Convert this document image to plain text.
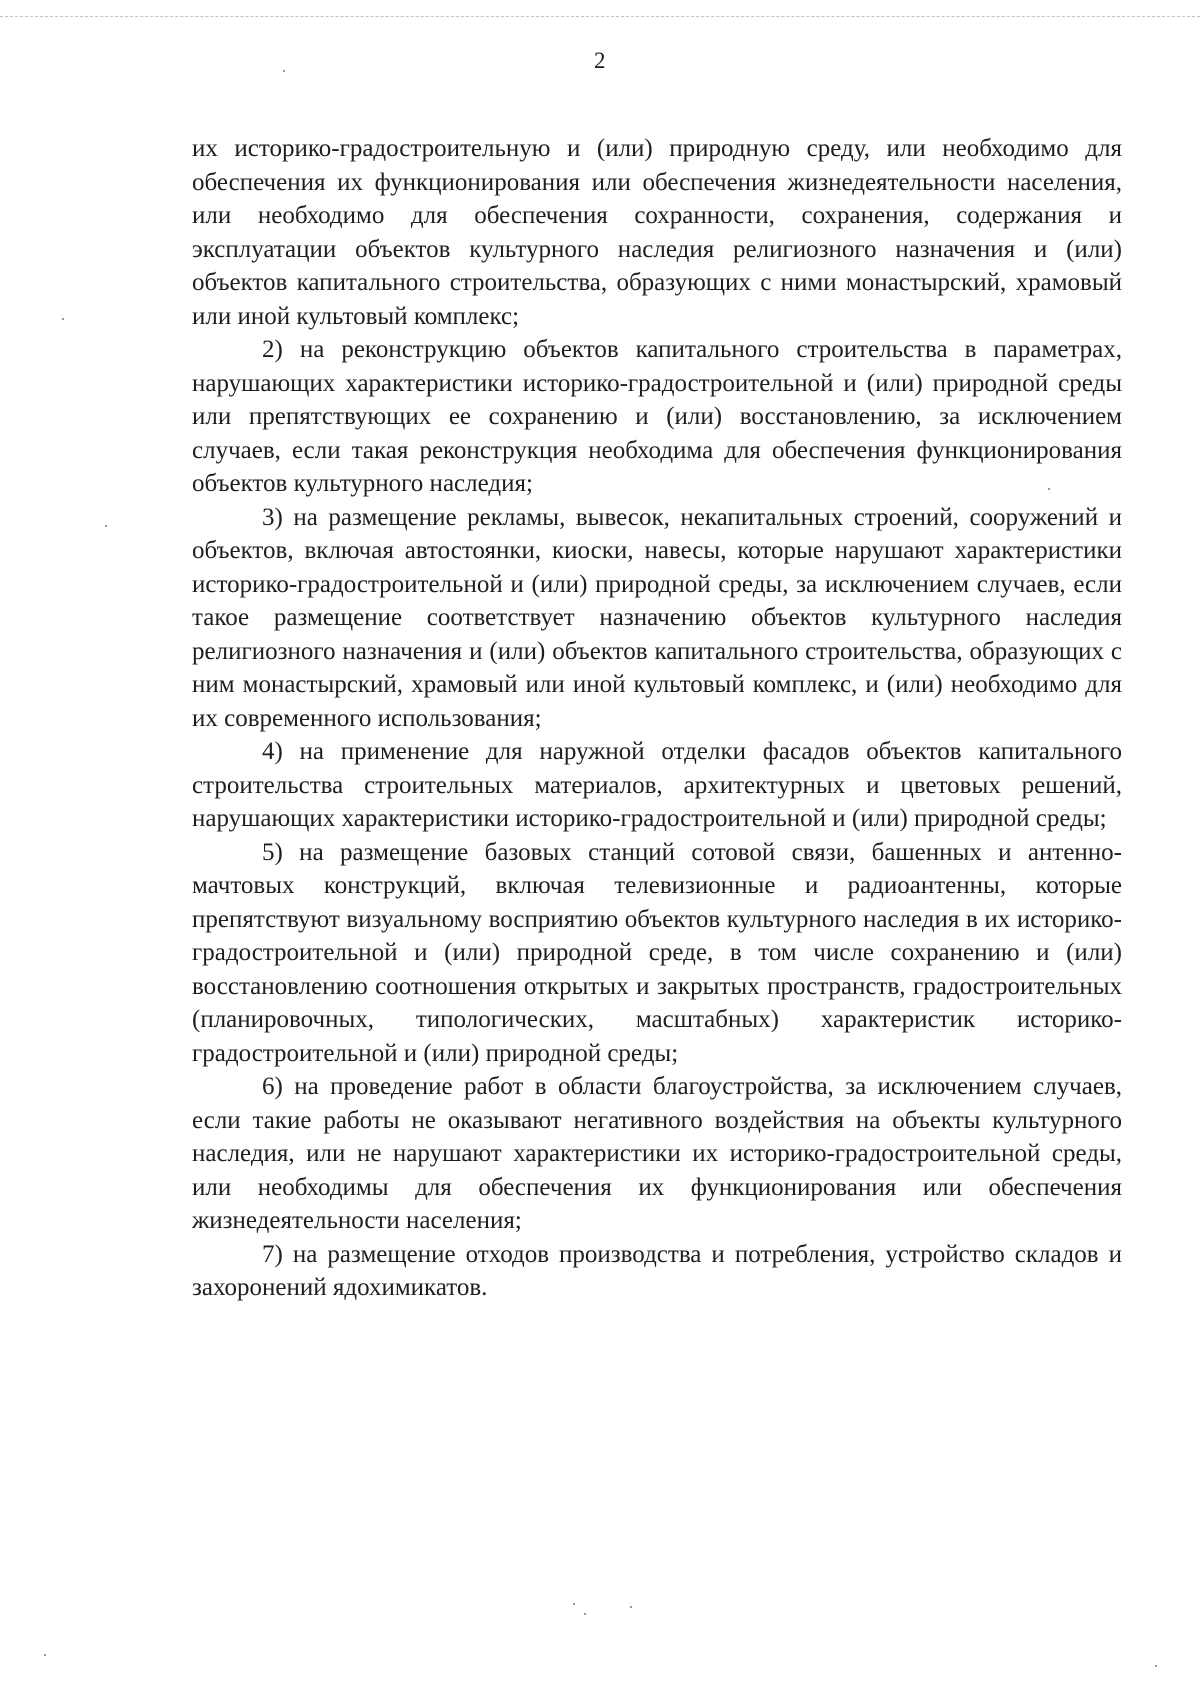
2

их историко-градостроительную и (или) природную среду, или необходимо для обеспечения их функционирования или обеспечения жизнедеятельности населения, или необходимо для обеспечения сохранности, сохранения, содержания и эксплуатации объектов культурного наследия религиозного назначения и (или) объектов капитального строительства, образующих с ними монастырский, храмовый или иной культовый комплекс;

2) на реконструкцию объектов капитального строительства в параметрах, нарушающих характеристики историко-градостроительной и (или) природной среды или препятствующих ее сохранению и (или) восстановлению, за исключением случаев, если такая реконструкция необходима для обеспечения функционирования объектов культурного наследия;

3) на размещение рекламы, вывесок, некапитальных строений, сооружений и объектов, включая автостоянки, киоски, навесы, которые нарушают характеристики историко-градостроительной и (или) природной среды, за исключением случаев, если такое размещение соответствует назначению объектов культурного наследия религиозного назначения и (или) объектов капитального строительства, образующих с ним монастырский, храмовый или иной культовый комплекс, и (или) необходимо для их современного использования;

4) на применение для наружной отделки фасадов объектов капитального строительства строительных материалов, архитектурных и цветовых решений, нарушающих характеристики историко-градостроительной и (или) природной среды;

5) на размещение базовых станций сотовой связи, башенных и антенно-мачтовых конструкций, включая телевизионные и радиоантенны, которые препятствуют визуальному восприятию объектов культурного наследия в их историко-градостроительной и (или) природной среде, в том числе сохранению и (или) восстановлению соотношения открытых и закрытых пространств, градостроительных (планировочных, типологических, масштабных) характеристик историко-градостроительной и (или) природной среды;

6) на проведение работ в области благоустройства, за исключением случаев, если такие работы не оказывают негативного воздействия на объекты культурного наследия, или не нарушают характеристики их историко-градостроительной среды, или необходимы для обеспечения их функционирования или обеспечения жизнедеятельности населения;

7) на размещение отходов производства и потребления, устройство складов и захоронений ядохимикатов.
